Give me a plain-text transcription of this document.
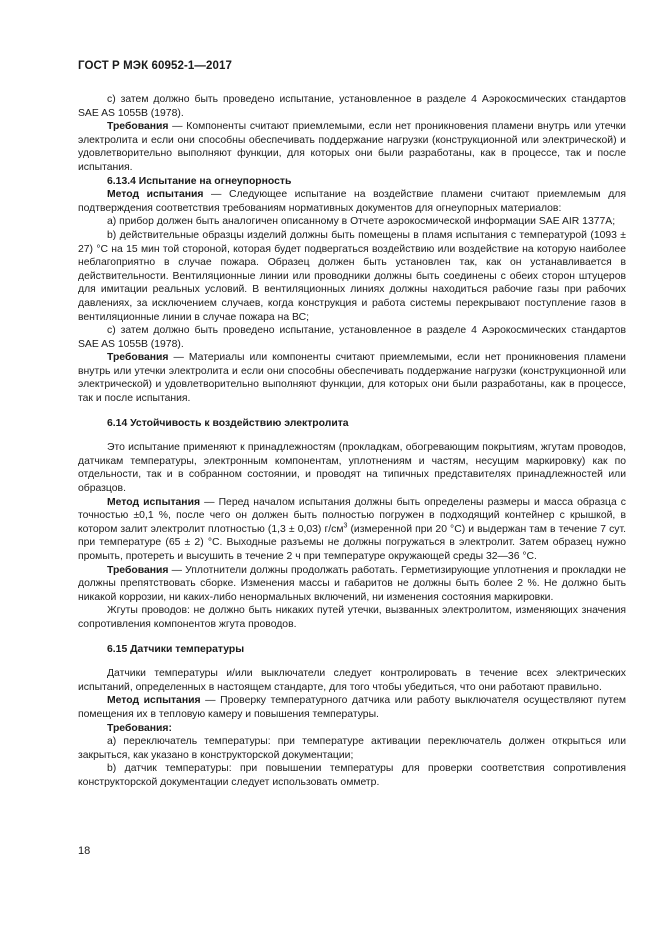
ГОСТ Р МЭК 60952-1—2017

c) затем должно быть проведено испытание, установленное в разделе 4 Аэрокосмических стандартов SAE AS 1055B (1978).

Требования — Компоненты считают приемлемыми, если нет проникновения пламени внутрь или утечки электролита и если они способны обеспечивать поддержание нагрузки (конструкционной или электрической) и удовлетворительно выполняют функции, для которых они были разработаны, как в процессе, так и после испытания.

6.13.4 Испытание на огнеупорность

Метод испытания — Следующее испытание на воздействие пламени считают приемлемым для подтверждения соответствия требованиям нормативных документов для огнеупорных материалов:

a) прибор должен быть аналогичен описанному в Отчете аэрокосмической информации SAE AIR 1377A;

b) действительные образцы изделий должны быть помещены в пламя испытания с температурой (1093 ± 27) °C на 15 мин той стороной, которая будет подвергаться воздействию или воздействие на которую наиболее неблагоприятно в случае пожара. Образец должен быть установлен так, как он устанавливается в действительности. Вентиляционные линии или проводники должны быть соединены с обеих сторон штуцеров для имитации реальных условий. В вентиляционных линиях должны находиться рабочие газы при рабочих давлениях, за исключением случаев, когда конструкция и работа системы перекрывают поступление газов в вентиляционные линии в случае пожара на ВС;

c) затем должно быть проведено испытание, установленное в разделе 4 Аэрокосмических стандартов SAE AS 1055B (1978).

Требования — Материалы или компоненты считают приемлемыми, если нет проникновения пламени внутрь или утечки электролита и если они способны обеспечивать поддержание нагрузки (конструкционной или электрической) и удовлетворительно выполняют функции, для которых они были разработаны, как в процессе, так и после испытания.

6.14 Устойчивость к воздействию электролита

Это испытание применяют к принадлежностям (прокладкам, обогревающим покрытиям, жгутам проводов, датчикам температуры, электронным компонентам, уплотнениям и частям, несущим маркировку) как по отдельности, так и в собранном состоянии, и проводят на типичных представителях принадлежностей или образцов.

Метод испытания — Перед началом испытания должны быть определены размеры и масса образца с точностью ±0,1 %, после чего он должен быть полностью погружен в подходящий контейнер с крышкой, в котором залит электролит плотностью (1,3 ± 0,03) $г/см^3$ (измеренной при 20 °C) и выдержан там в течение 7 сут. при температуре (65 ± 2) °C. Выходные разъемы не должны погружаться в электролит. Затем образец нужно промыть, протереть и высушить в течение 2 ч при температуре окружающей среды 32—36 °C.

Требования — Уплотнители должны продолжать работать. Герметизирующие уплотнения и прокладки не должны препятствовать сборке. Изменения массы и габаритов не должны быть более 2 %. Не должно быть никакой коррозии, ни каких-либо ненормальных включений, ни изменения состояния маркировки.

Жгуты проводов: не должно быть никаких путей утечки, вызванных электролитом, изменяющих значения сопротивления компонентов жгута проводов.

6.15 Датчики температуры

Датчики температуры и/или выключатели следует контролировать в течение всех электрических испытаний, определенных в настоящем стандарте, для того чтобы убедиться, что они работают правильно.

Метод испытания — Проверку температурного датчика или работу выключателя осуществляют путем помещения их в тепловую камеру и повышения температуры.

Требования:

a) переключатель температуры: при температуре активации переключатель должен открыться или закрыться, как указано в конструкторской документации;

b) датчик температуры: при повышении температуры для проверки соответствия сопротивления конструкторской документации следует использовать омметр.

18
